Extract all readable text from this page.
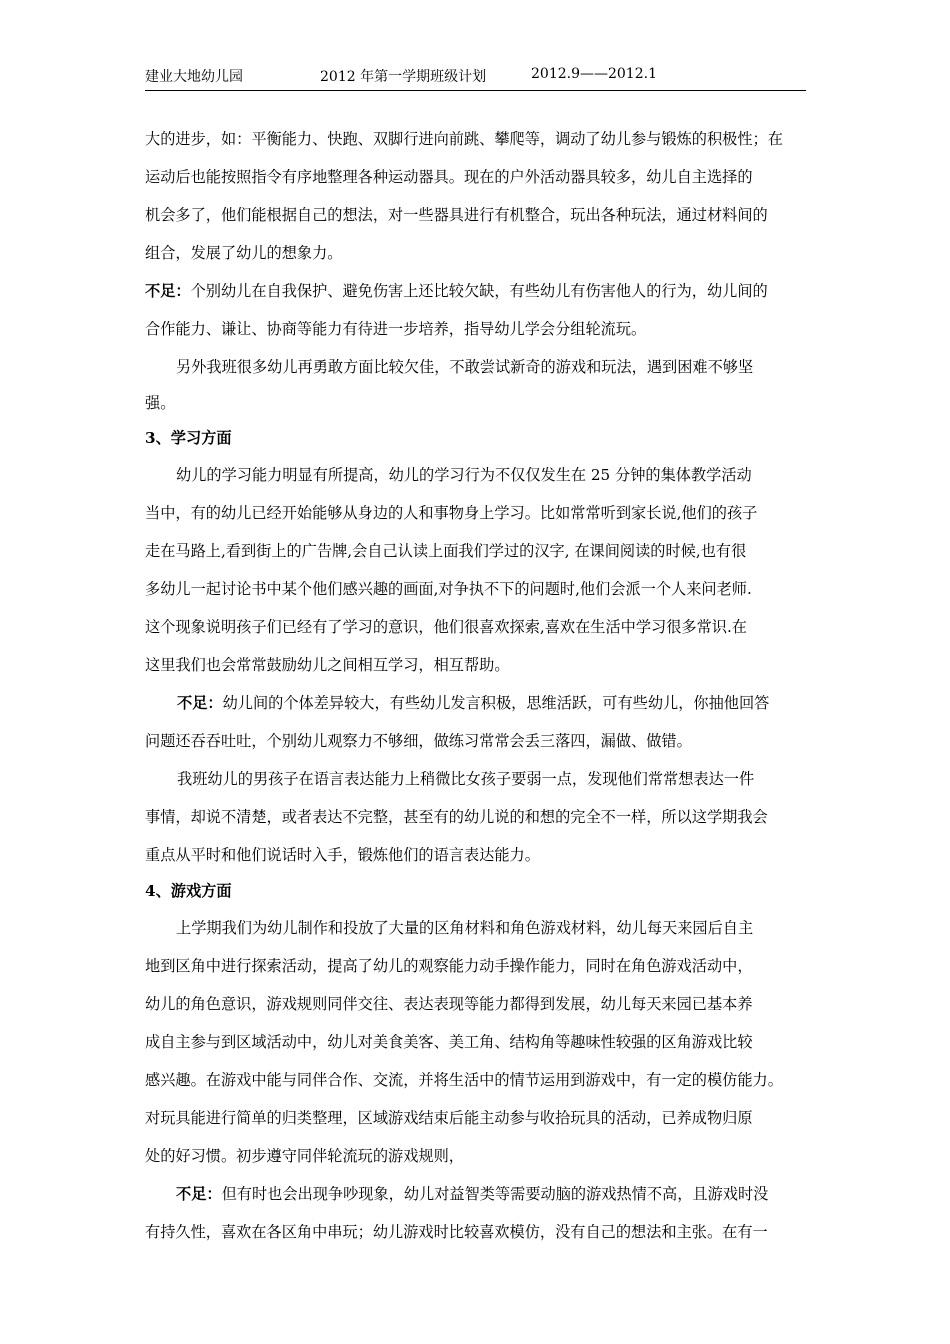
建业大地幼儿园	2012 年第一学期班级计划	2012.9——2012.1
大的进步，如：平衡能力、快跑、双脚行进向前跳、攀爬等，调动了幼儿参与锻炼的积极性；在
运动后也能按照指令有序地整理各种运动器具。现在的户外活动器具较多，幼儿自主选择的
机会多了，他们能根据自己的想法，对一些器具进行有机整合，玩出各种玩法，通过材料间的
组合，发展了幼儿的想象力。
不足：个别幼儿在自我保护、避免伤害上还比较欠缺，有些幼儿有伤害他人的行为，幼儿间的
合作能力、谦让、协商等能力有待进一步培养，指导幼儿学会分组轮流玩。
另外我班很多幼儿再勇敢方面比较欠佳，不敢尝试新奇的游戏和玩法，遇到困难不够坚
强。
3、学习方面
幼儿的学习能力明显有所提高，幼儿的学习行为不仅仅发生在 25 分钟的集体教学活动
当中，有的幼儿已经开始能够从身边的人和事物身上学习。比如常常听到家长说,他们的孩子
走在马路上,看到街上的广告牌,会自己认读上面我们学过的汉字, 在课间阅读的时候,也有很
多幼儿一起讨论书中某个他们感兴趣的画面,对争执不下的问题时,他们会派一个人来问老师.
这个现象说明孩子们已经有了学习的意识，他们很喜欢探索,喜欢在生活中学习很多常识.在
这里我们也会常常鼓励幼儿之间相互学习，相互帮助。
不足：幼儿间的个体差异较大，有些幼儿发言积极，思维活跃，可有些幼儿，你抽他回答
问题还吞吞吐吐，个别幼儿观察力不够细，做练习常常会丢三落四，漏做、做错。
我班幼儿的男孩子在语言表达能力上稍微比女孩子要弱一点，发现他们常常想表达一件
事情，却说不清楚，或者表达不完整，甚至有的幼儿说的和想的完全不一样，所以这学期我会
重点从平时和他们说话时入手，锻炼他们的语言表达能力。
4、游戏方面
上学期我们为幼儿制作和投放了大量的区角材料和角色游戏材料，幼儿每天来园后自主
地到区角中进行探索活动，提高了幼儿的观察能力动手操作能力，同时在角色游戏活动中，
幼儿的角色意识，游戏规则同伴交往、表达表现等能力都得到发展，幼儿每天来园已基本养
成自主参与到区域活动中，幼儿对美食美客、美工角、结构角等趣味性较强的区角游戏比较
感兴趣。在游戏中能与同伴合作、交流，并将生活中的情节运用到游戏中，有一定的模仿能力。
对玩具能进行简单的归类整理，区域游戏结束后能主动参与收拾玩具的活动，已养成物归原
处的好习惯。初步遵守同伴轮流玩的游戏规则，
不足：但有时也会出现争吵现象，幼儿对益智类等需要动脑的游戏热情不高，且游戏时没
有持久性，喜欢在各区角中串玩；幼儿游戏时比较喜欢模仿，没有自己的想法和主张。在有一
